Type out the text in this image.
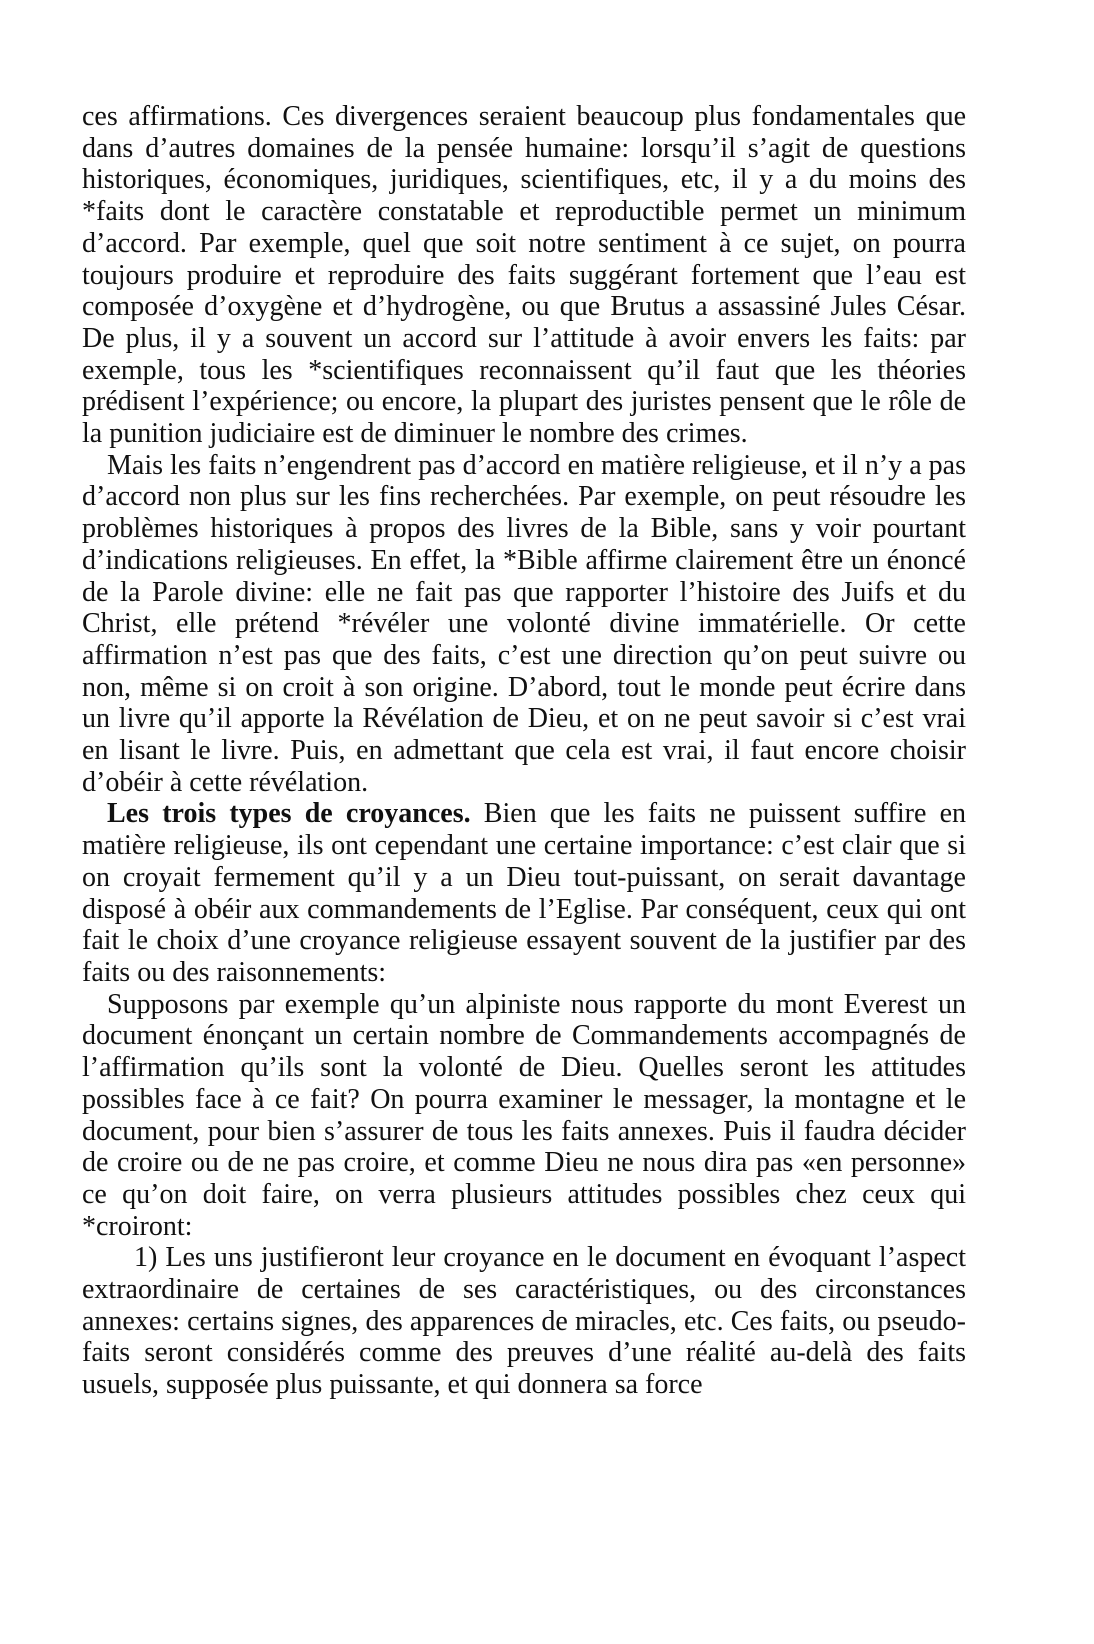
ces affirmations. Ces divergences seraient beaucoup plus fondamentales que dans d’autres domaines de la pensée humaine: lorsqu’il s’agit de questions historiques, économiques, juridiques, scientifiques, etc, il y a du moins des *faits dont le caractère constatable et reproductible permet un minimum d’accord. Par exemple, quel que soit notre sentiment à ce sujet, on pourra toujours produire et reproduire des faits suggérant fortement que l’eau est composée d’oxygène et d’hydrogène, ou que Brutus a assassiné Jules César. De plus, il y a souvent un accord sur l’attitude à avoir envers les faits: par exemple, tous les *scientifiques reconnaissent qu’il faut que les théories prédisent l’expérience; ou encore, la plupart des juristes pensent que le rôle de la punition judiciaire est de diminuer le nombre des crimes.

Mais les faits n’engendrent pas d’accord en matière religieuse, et il n’y a pas d’accord non plus sur les fins recherchées. Par exemple, on peut résoudre les problèmes historiques à propos des livres de la Bible, sans y voir pourtant d’indications religieuses. En effet, la *Bible affirme clairement être un énoncé de la Parole divine: elle ne fait pas que rapporter l’histoire des Juifs et du Christ, elle prétend *révéler une volonté divine immatérielle. Or cette affirmation n’est pas que des faits, c’est une direction qu’on peut suivre ou non, même si on croit à son origine. D’abord, tout le monde peut écrire dans un livre qu’il apporte la Révélation de Dieu, et on ne peut savoir si c’est vrai en lisant le livre. Puis, en admettant que cela est vrai, il faut encore choisir d’obéir à cette révélation.

Les trois types de croyances. Bien que les faits ne puissent suffire en matière religieuse, ils ont cependant une certaine importance: c’est clair que si on croyait fermement qu’il y a un Dieu tout-puissant, on serait davantage disposé à obéir aux commandements de l’Eglise. Par conséquent, ceux qui ont fait le choix d’une croyance religieuse essayent souvent de la justifier par des faits ou des raisonnements:

Supposons par exemple qu’un alpiniste nous rapporte du mont Everest un document énonçant un certain nombre de Commandements accompagnés de l’affirmation qu’ils sont la volonté de Dieu. Quelles seront les attitudes possibles face à ce fait? On pourra examiner le messager, la montagne et le document, pour bien s’assurer de tous les faits annexes. Puis il faudra décider de croire ou de ne pas croire, et comme Dieu ne nous dira pas «en personne» ce qu’on doit faire, on verra plusieurs attitudes possibles chez ceux qui *croiront:

1) Les uns justifieront leur croyance en le document en évoquant l’aspect extraordinaire de certaines de ses caractéristiques, ou des circonstances annexes: certains signes, des apparences de miracles, etc. Ces faits, ou pseudo-faits seront considérés comme des preuves d’une réalité au-delà des faits usuels, supposée plus puissante, et qui donnera sa force
